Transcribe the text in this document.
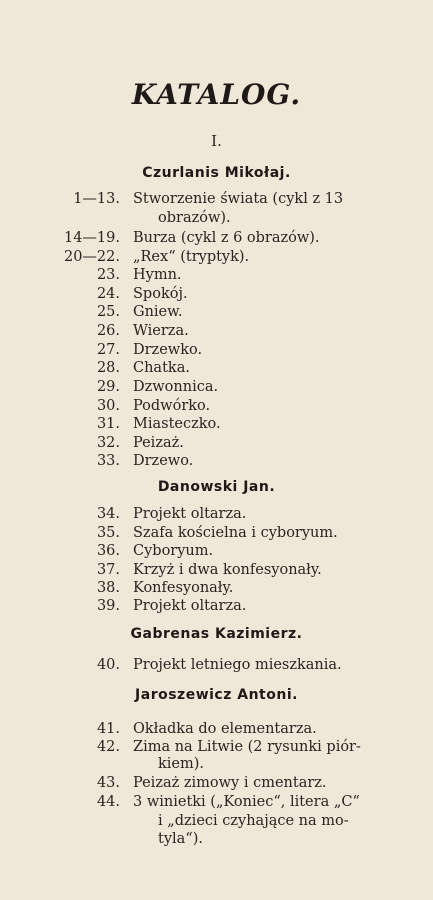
KATALOG.
I.
Czurlanis Mikołaj.
1—13. Stworzenie świata (cykl z 13
obrazów).
14—19. Burza (cykl z 6 obrazów).
20—22. „Rex“ (tryptyk).
23. Hymn.
24. Spokój.
25. Gniew.
26. Wierza.
27. Drzewko.
28. Chatka.
29. Dzwonnica.
30. Podwórko.
31. Miasteczko.
32. Peizaż.
33. Drzewo.
Danowski Jan.
34. Projekt oltarza.
35. Szafa kościelna i cyboryum.
36. Cyboryum.
37. Krzyż i dwa konfesyonały.
38. Konfesyonały.
39. Projekt oltarza.
Gabrenas Kazimierz.
40. Projekt letniego mieszkania.
Jaroszewicz Antoni.
41. Okładka do elementarza.
42. Zima na Litwie (2 rysunki piór-
kiem).
43. Peizaż zimowy i cmentarz.
44. 3 winietki („Koniec“, litera „C“
i „dzieci czyhające na mo-
tyla“).
